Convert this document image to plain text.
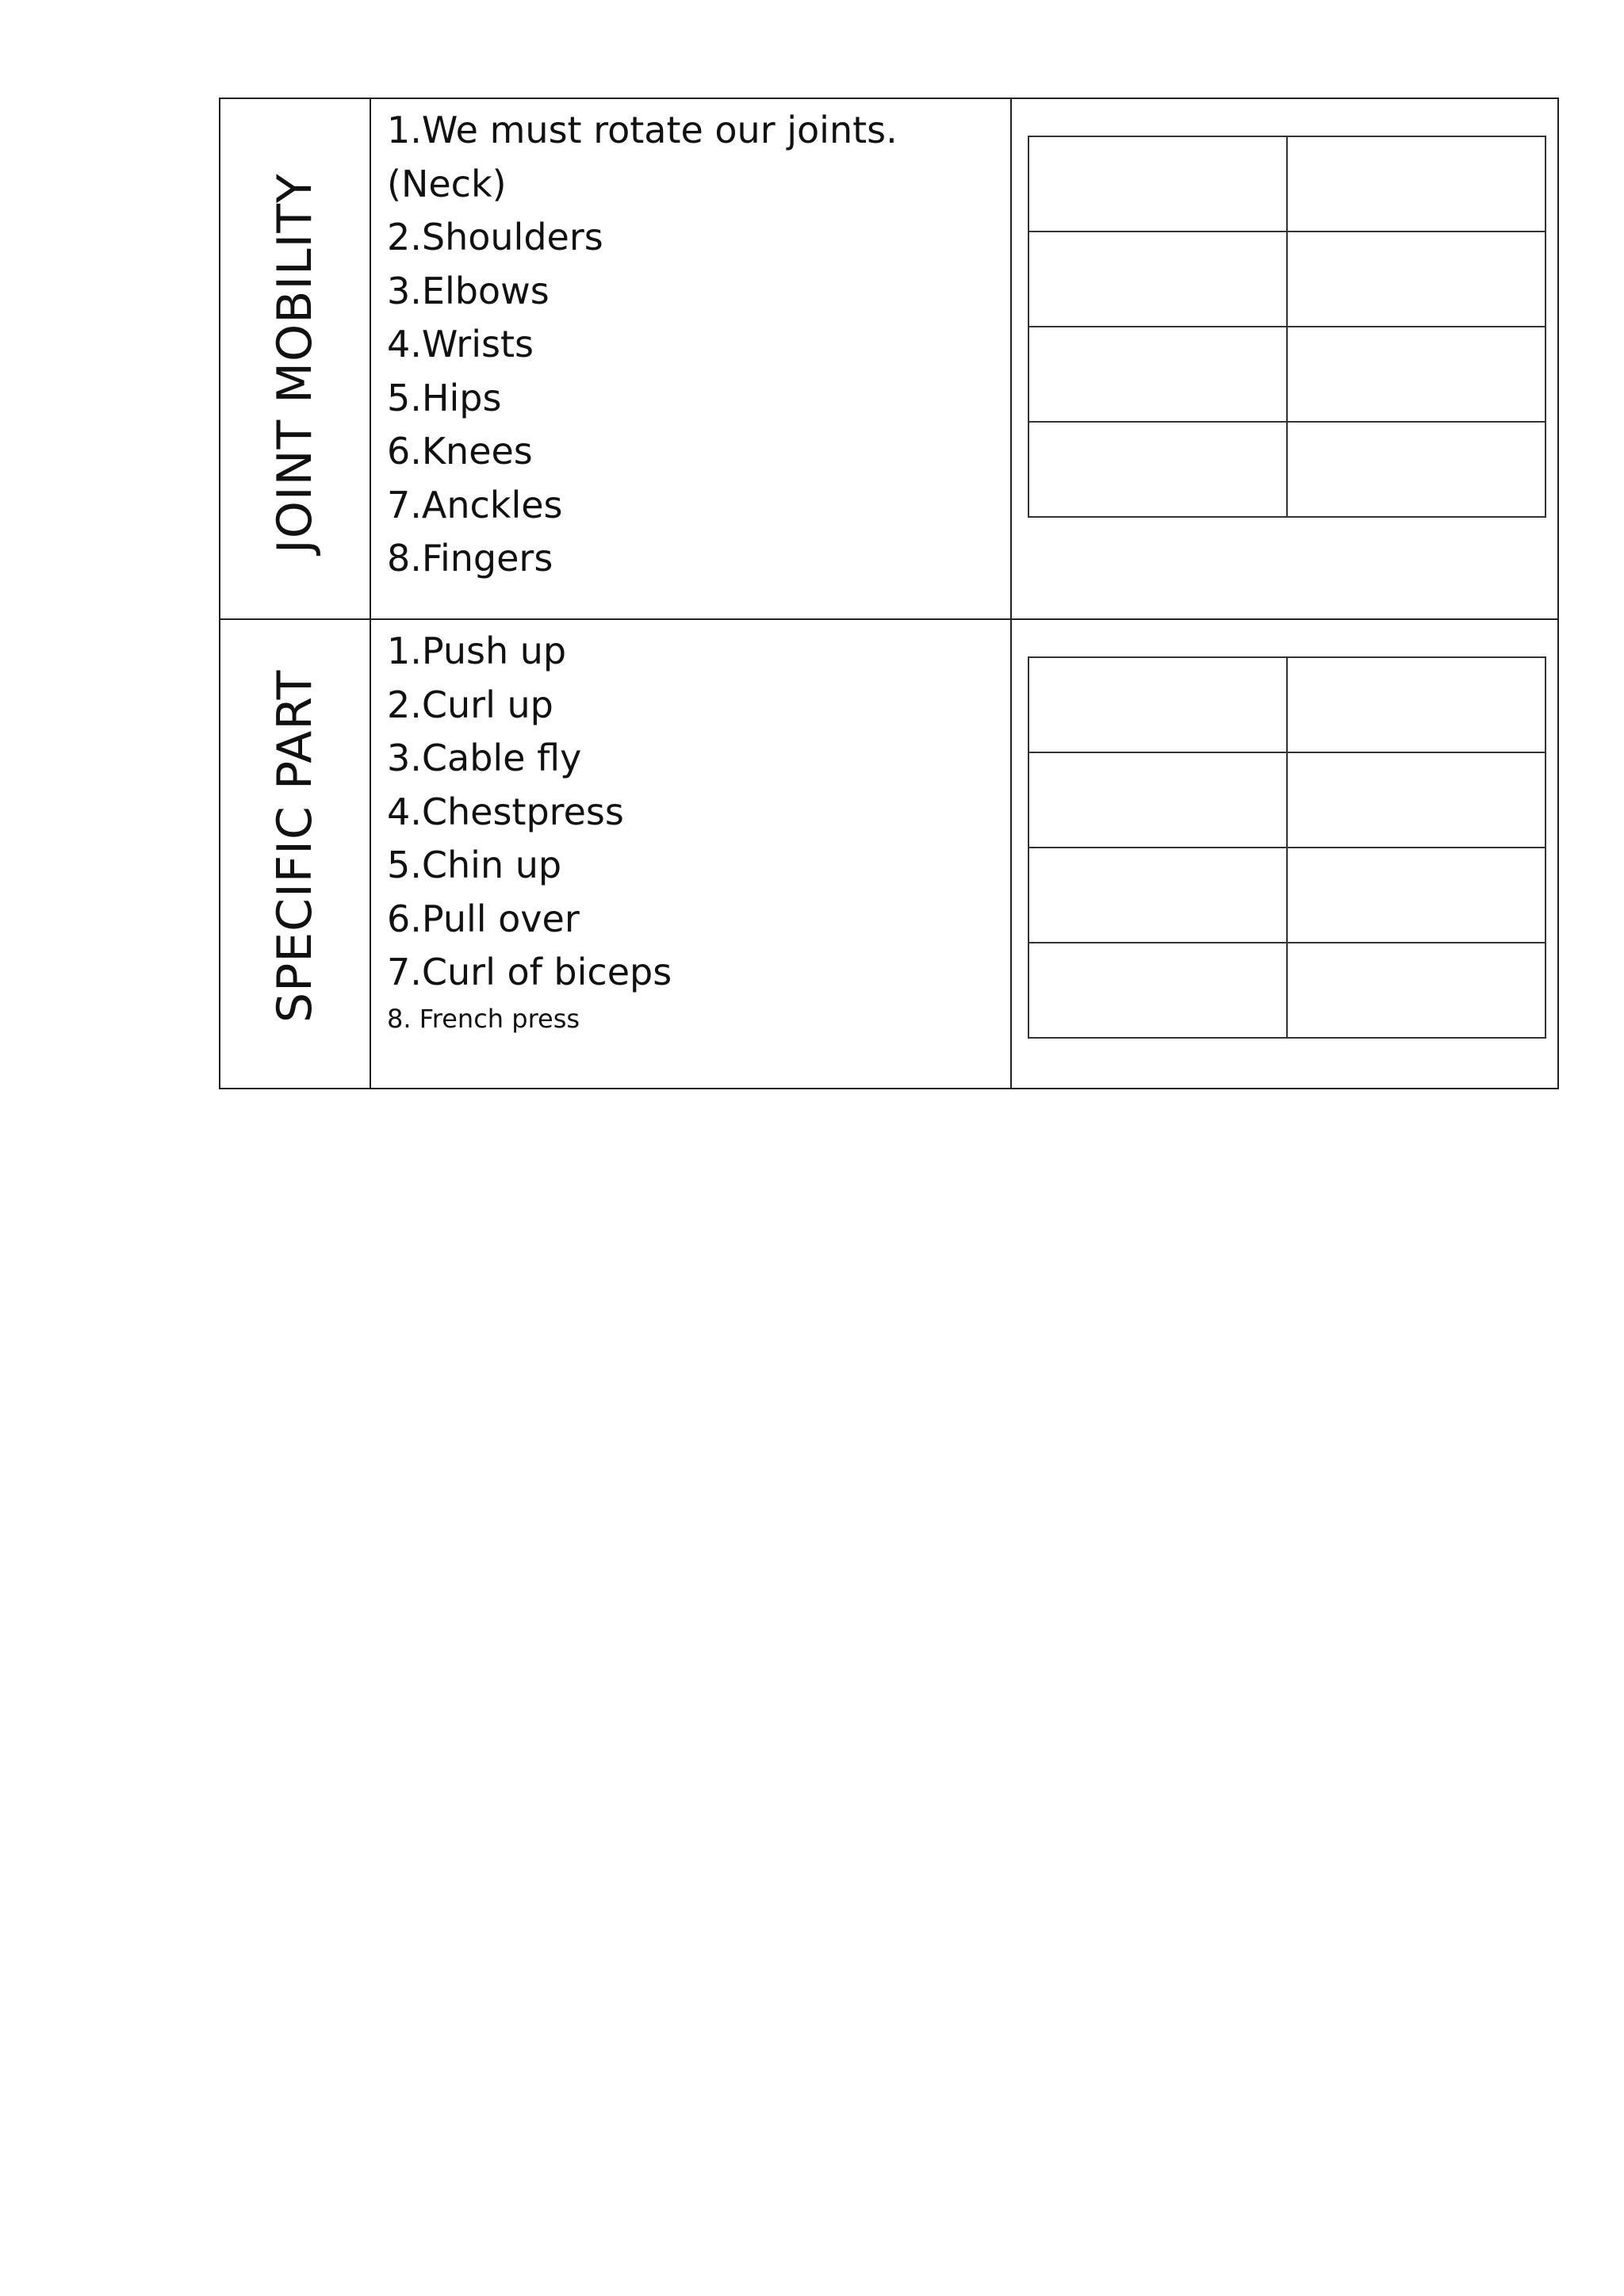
JOINT MOBILITY

1.We must rotate our joints.
(Neck)
2.Shoulders
3.Elbows
4.Wrists
5.Hips
6.Knees
7.Anckles
8.Fingers

SPECIFIC PART

1.Push up
2.Curl up
3.Cable fly
4.Chestpress
5.Chin up
6.Pull over
7.Curl of biceps
8. French press
